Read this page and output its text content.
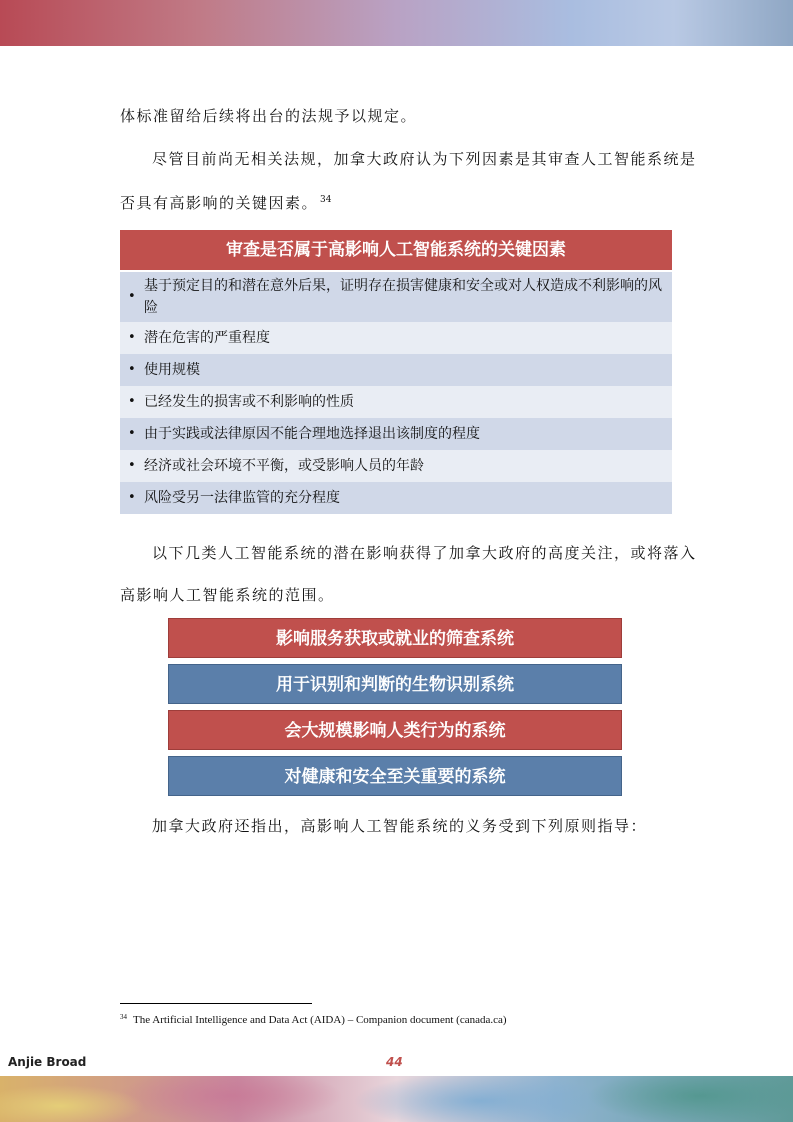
体标准留给后续将出台的法规予以规定。
尽管目前尚无相关法规，加拿大政府认为下列因素是其审查人工智能系统是
否具有高影响的关键因素。 $^{34}$
审查是否属于高影响人工智能系统的关键因素
•
基于预定目的和潜在意外后果，证明存在损害健康和安全或对人权造成不利影响的风险
• 潜在危害的严重程度
• 使用规模
• 已经发生的损害或不利影响的性质
• 由于实践或法律原因不能合理地选择退出该制度的程度
• 经济或社会环境不平衡，或受影响人员的年龄
• 风险受另一法律监管的充分程度
以下几类人工智能系统的潜在影响获得了加拿大政府的高度关注，或将落入
高影响人工智能系统的范围。
影响服务获取或就业的筛查系统
用于识别和判断的生物识别系统
会大规模影响人类行为的系统
对健康和安全至关重要的系统
加拿大政府还指出，高影响人工智能系统的义务受到下列原则指导：
$^{34}$ The Artificial Intelligence and Data Act (AIDA) – Companion document (canada.ca)
Anjie Broad	44
